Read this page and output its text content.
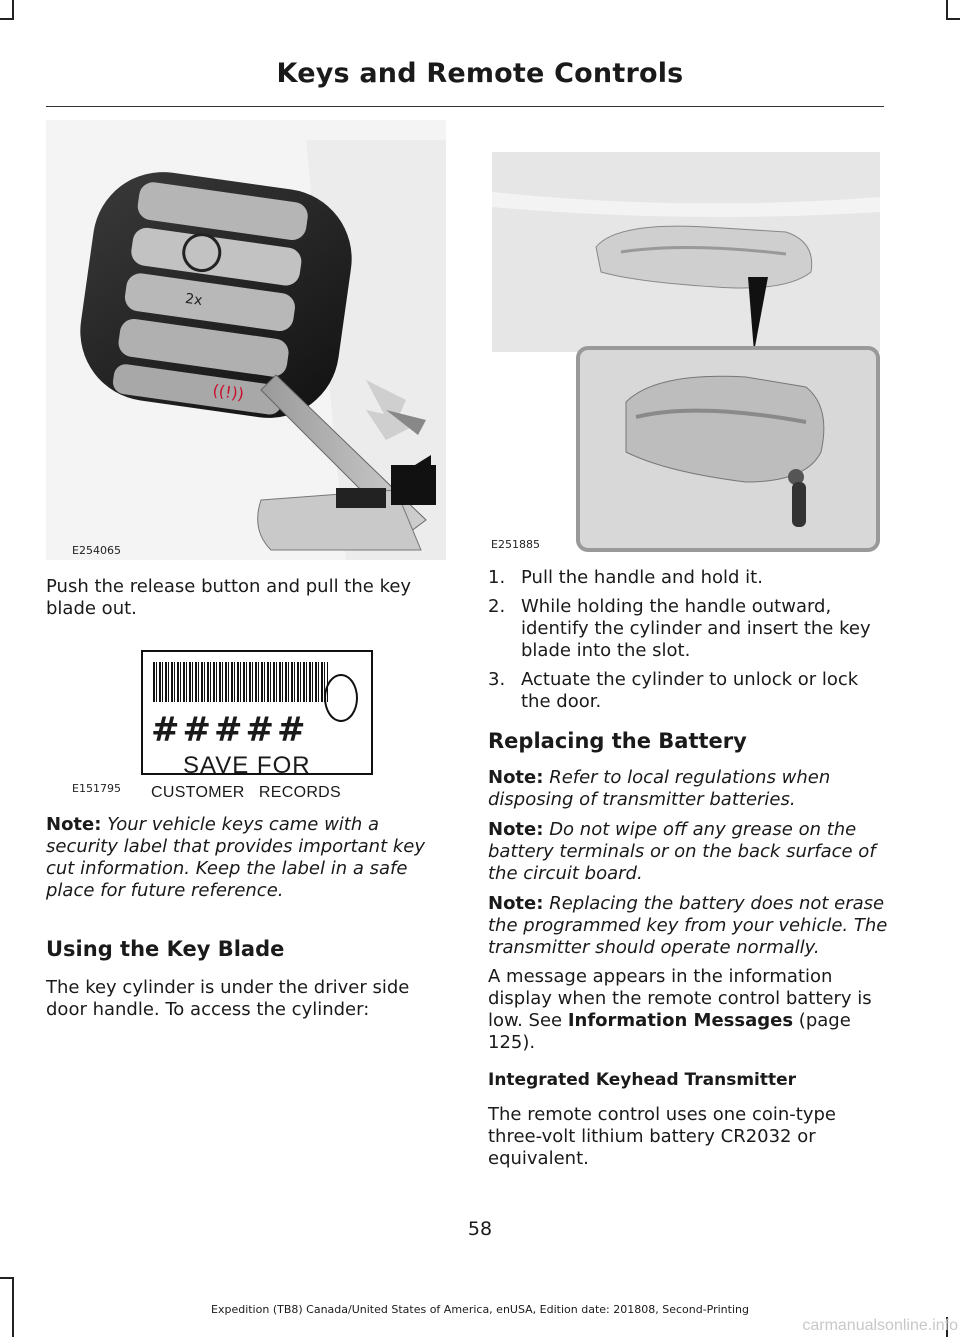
Keys and Remote Controls
2x
((!))
E254065	E251885
Push the release button and pull the key blade out.
#####
SAVE FOR
CUSTOMER   RECORDS
E151795
Note: Your vehicle keys came with a security label that provides important key cut information. Keep the label in a safe place for future reference.
Using the Key Blade
The key cylinder is under the driver side door handle. To access the cylinder:
1. Pull the handle and hold it.
2. While holding the handle outward, identify the cylinder and insert the key blade into the slot.
3. Actuate the cylinder to unlock or lock the door.
Replacing the Battery
Note: Refer to local regulations when disposing of transmitter batteries.
Note: Do not wipe off any grease on the battery terminals or on the back surface of the circuit board.
Note: Replacing the battery does not erase the programmed key from your vehicle. The transmitter should operate normally.
A message appears in the information display when the remote control battery is low. See Information Messages (page 125).
Integrated Keyhead Transmitter
The remote control uses one coin-type three-volt lithium battery CR2032 or equivalent.
58
Expedition (TB8) Canada/United States of America, enUSA, Edition date: 201808, Second-Printing
carmanualsonline.info
